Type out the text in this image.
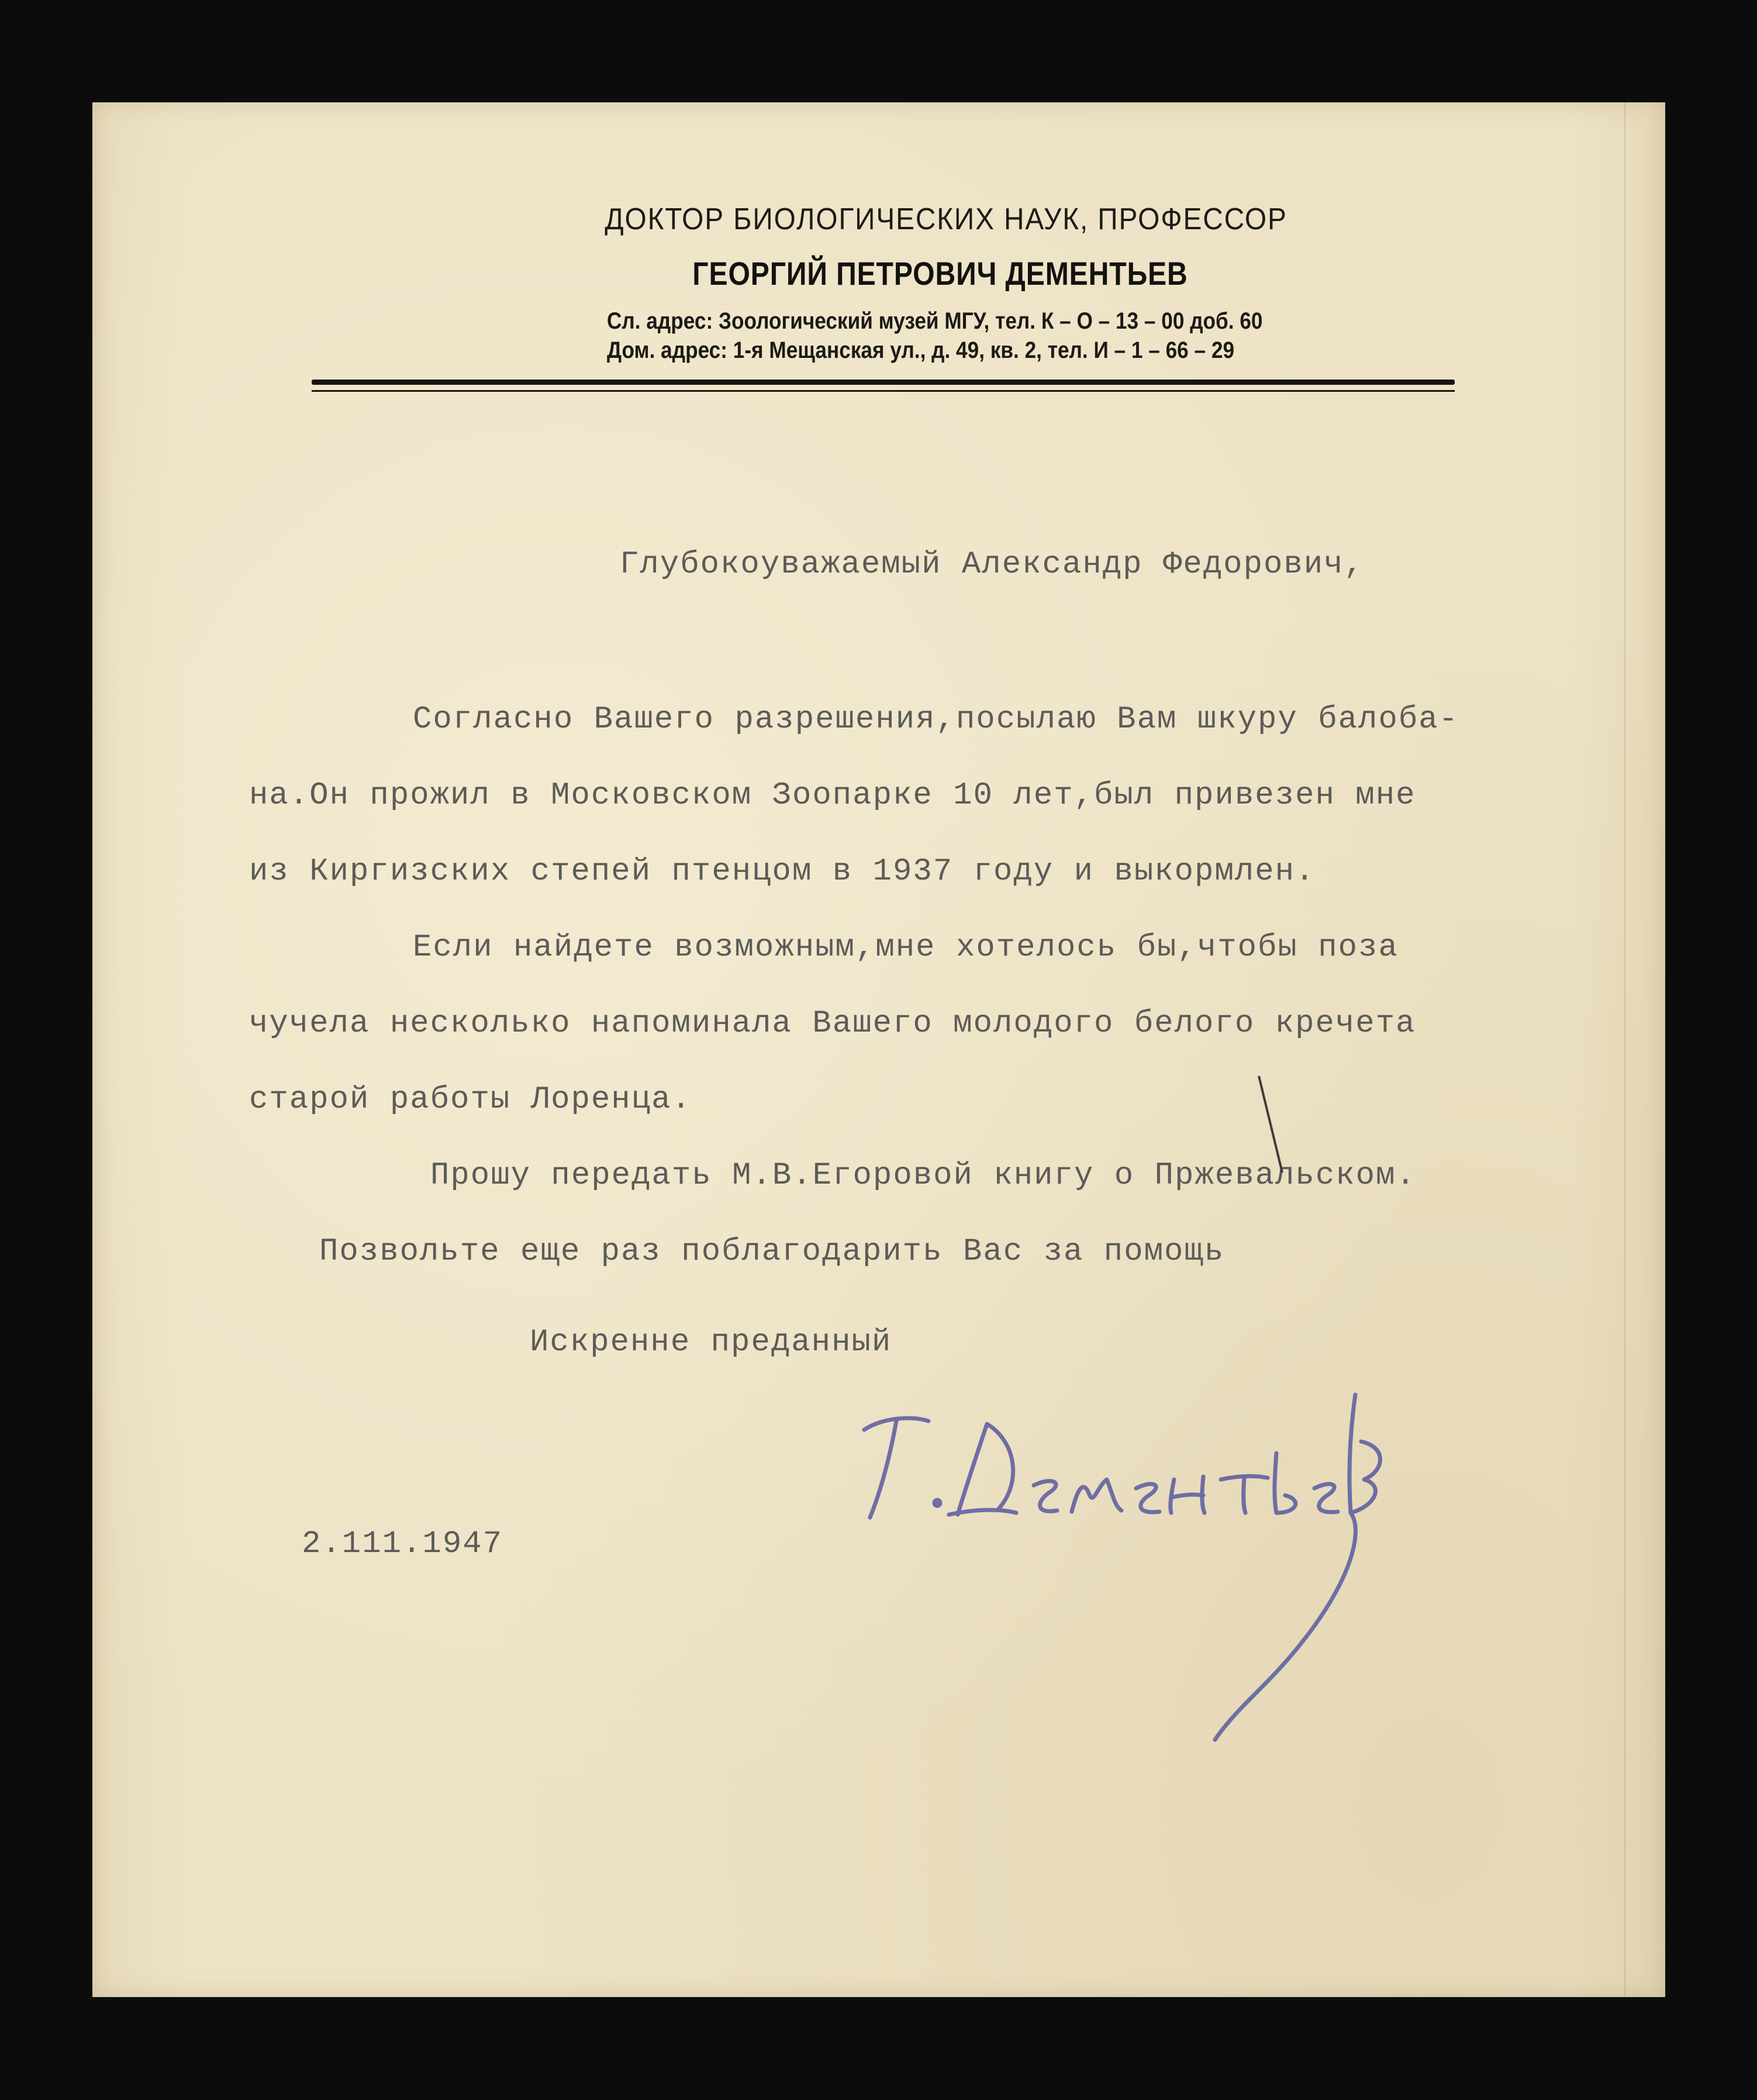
ДОКТОР БИОЛОГИЧЕСКИХ НАУК, ПРОФЕССОР
ГЕОРГИЙ ПЕТРОВИЧ ДЕМЕНТЬЕВ
Сл. адрес: Зоологический музей МГУ, тел. К – О – 13 – 00 доб. 60
Дом. адрес: 1-я Мещанская ул., д. 49, кв. 2, тел. И – 1 – 66 – 29
Глубокоуважаемый Александр Федорович,
Согласно Вашего разрешения,посылаю Вам шкуру балоба-
на.Он прожил в Московском Зоопарке 10 лет,был привезен мне
из Киргизских степей птенцом в 1937 году и выкормлен.
Если найдете возможным,мне хотелось бы,чтобы поза
чучела несколько напоминала Вашего молодого белого кречета
старой работы Лоренца.
Прошу передать М.В.Егоровой книгу о Пржевальском.
Позвольте еще раз поблагодарить Вас за помощь
Искренне преданный
2.111.1947
Г.Дементьев
